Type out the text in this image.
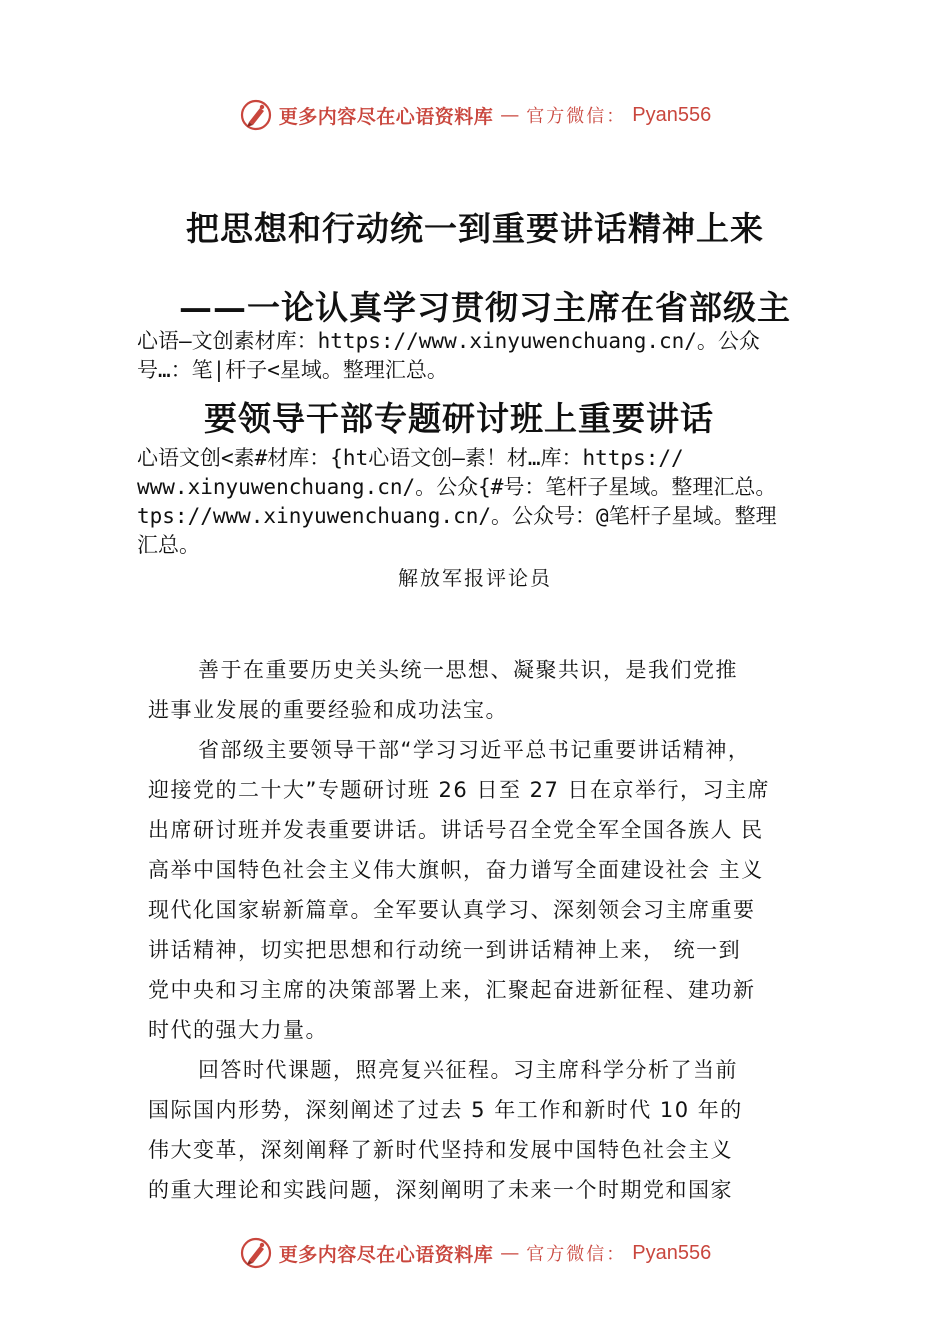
更多内容尽在心语资料库 — 官方微信： Pyan556
把思想和行动统一到重要讲话精神上来
——一论认真学习贯彻习主席在省部级主
心语—文创素材库：https://www.xinyuwenchuang.cn/。公众
号…：笔|杆子<星域。整理汇总。
要领导干部专题研讨班上重要讲话
心语文创<素#材库：{ht心语文创—素！材…库：https://
www.xinyuwenchuang.cn/。公众{#号：笔杆子星域。整理汇总。
tps://www.xinyuwenchuang.cn/。公众号：@笔杆子星域。整理
汇总。
解放军报评论员
善于在重要历史关头统一思想、凝聚共识，是我们党推
进事业发展的重要经验和成功法宝。
省部级主要领导干部“学习习近平总书记重要讲话精神，
迎接党的二十大”专题研讨班 26 日至 27 日在京举行，习主席
出席研讨班并发表重要讲话。讲话号召全党全军全国各族人 民
高举中国特色社会主义伟大旗帜，奋力谱写全面建设社会 主义
现代化国家崭新篇章。全军要认真学习、深刻领会习主席重要
讲话精神，切实把思想和行动统一到讲话精神上来， 统一到
党中央和习主席的决策部署上来，汇聚起奋进新征程、建功新
时代的强大力量。
回答时代课题，照亮复兴征程。习主席科学分析了当前
国际国内形势，深刻阐述了过去 5 年工作和新时代 10 年的
伟大变革，深刻阐释了新时代坚持和发展中国特色社会主义
的重大理论和实践问题，深刻阐明了未来一个时期党和国家
更多内容尽在心语资料库 — 官方微信： Pyan556
